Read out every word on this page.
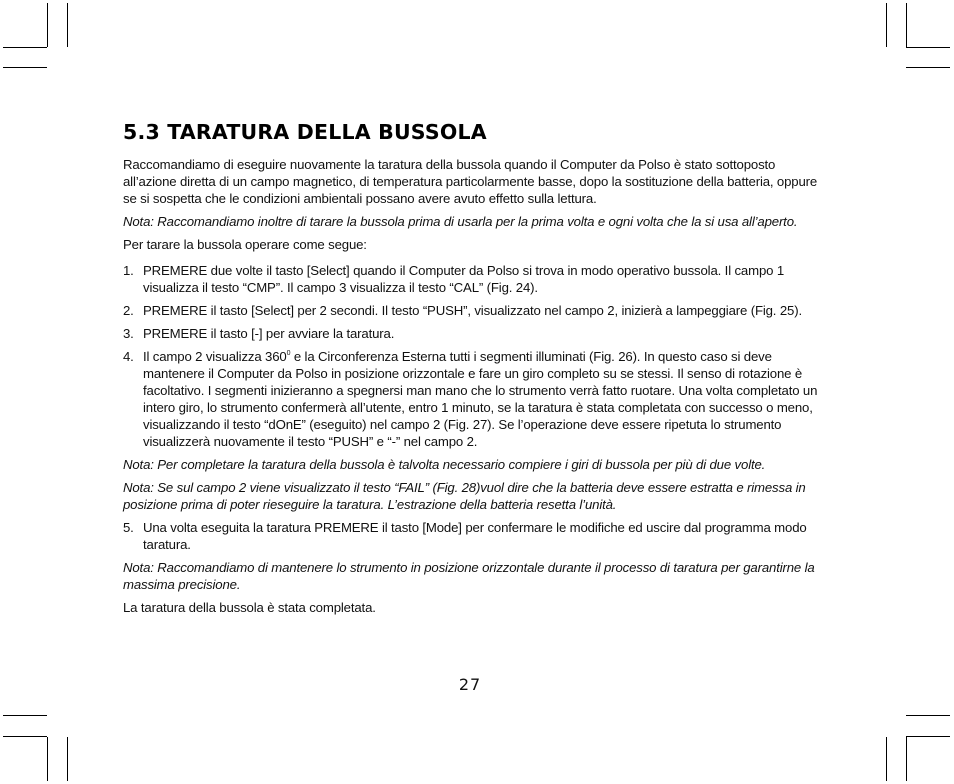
5.3 TARATURA DELLA BUSSOLA

Raccomandiamo di eseguire nuovamente la taratura della bussola quando il Computer da Polso è stato sottoposto all’azione diretta di un campo magnetico, di temperatura particolarmente basse, dopo la sostituzione della batteria, oppure se si sospetta che le condizioni ambientali possano avere avuto effetto sulla lettura.

Nota: Raccomandiamo inoltre di tarare la bussola prima di usarla per la prima volta e ogni volta che la si usa all’aperto.

Per tarare la bussola operare come segue:

1. PREMERE due volte il tasto [Select] quando il Computer da Polso si trova in modo operativo bussola. Il campo 1 visualizza il testo “CMP”. Il campo 3 visualizza il testo “CAL” (Fig. 24).
2. PREMERE il tasto [Select] per 2 secondi. Il testo “PUSH”, visualizzato nel campo 2, inizierà a lampeggiare (Fig. 25).
3. PREMERE il tasto [-] per avviare la taratura.
4. Il campo 2 visualizza $360^0$ e la Circonferenza Esterna tutti i segmenti illuminati (Fig. 26). In questo caso si deve mantenere il Computer da Polso in posizione orizzontale e fare un giro completo su se stessi. Il senso di rotazione è facoltativo. I segmenti inizieranno a spegnersi man mano che lo strumento verrà fatto ruotare. Una volta completato un intero giro, lo strumento confermerà all’utente, entro 1 minuto, se la taratura è stata completata con successo o meno, visualizzando il testo “dOnE” (eseguito) nel campo 2 (Fig. 27). Se l’operazione deve essere ripetuta lo strumento visualizzerà nuovamente il testo “PUSH” e “-” nel campo 2.

Nota: Per completare la taratura della bussola è talvolta necessario compiere i giri di bussola per più di due volte.

Nota: Se sul campo 2 viene visualizzato il testo “FAIL” (Fig. 28)vuol dire che la batteria deve essere estratta e rimessa in posizione prima di poter rieseguire la taratura. L’estrazione della batteria resetta l’unità.

5. Una volta eseguita la taratura PREMERE il tasto [Mode] per confermare le modifiche ed uscire dal programma modo taratura.

Nota: Raccomandiamo di mantenere lo strumento in posizione orizzontale durante il processo di taratura per garantirne la massima precisione.

La taratura della bussola è stata completata.

27
